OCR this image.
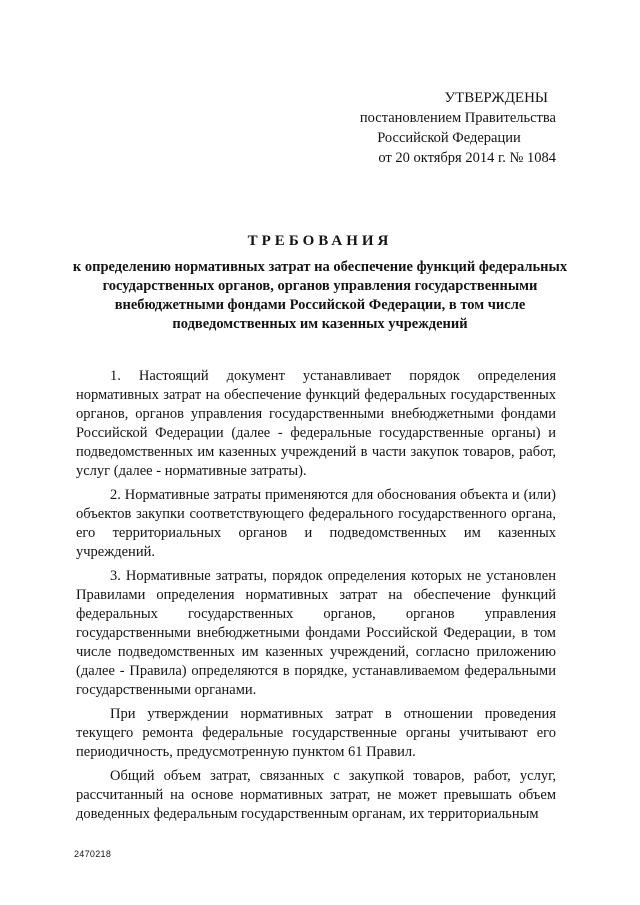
УТВЕРЖДЕНЫ
постановлением Правительства
Российской Федерации
от 20 октября 2014 г. № 1084
ТРЕБОВАНИЯ
к определению нормативных затрат на обеспечение функций федеральных государственных органов, органов управления государственными внебюджетными фондами Российской Федерации, в том числе подведомственных им казенных учреждений

1. Настоящий документ устанавливает порядок определения нормативных затрат на обеспечение функций федеральных государственных органов, органов управления государственными внебюджетными фондами Российской Федерации (далее - федеральные государственные органы) и подведомственных им казенных учреждений в части закупок товаров, работ, услуг (далее - нормативные затраты).

2. Нормативные затраты применяются для обоснования объекта и (или) объектов закупки соответствующего федерального государственного органа, его территориальных органов и подведомственных им казенных учреждений.

3. Нормативные затраты, порядок определения которых не установлен Правилами определения нормативных затрат на обеспечение функций федеральных государственных органов, органов управления государственными внебюджетными фондами Российской Федерации, в том числе подведомственных им казенных учреждений, согласно приложению (далее - Правила) определяются в порядке, устанавливаемом федеральными государственными органами.

При утверждении нормативных затрат в отношении проведения текущего ремонта федеральные государственные органы учитывают его периодичность, предусмотренную пунктом 61 Правил.

Общий объем затрат, связанных с закупкой товаров, работ, услуг, рассчитанный на основе нормативных затрат, не может превышать объем доведенных федеральным государственным органам, их территориальным

2470218
